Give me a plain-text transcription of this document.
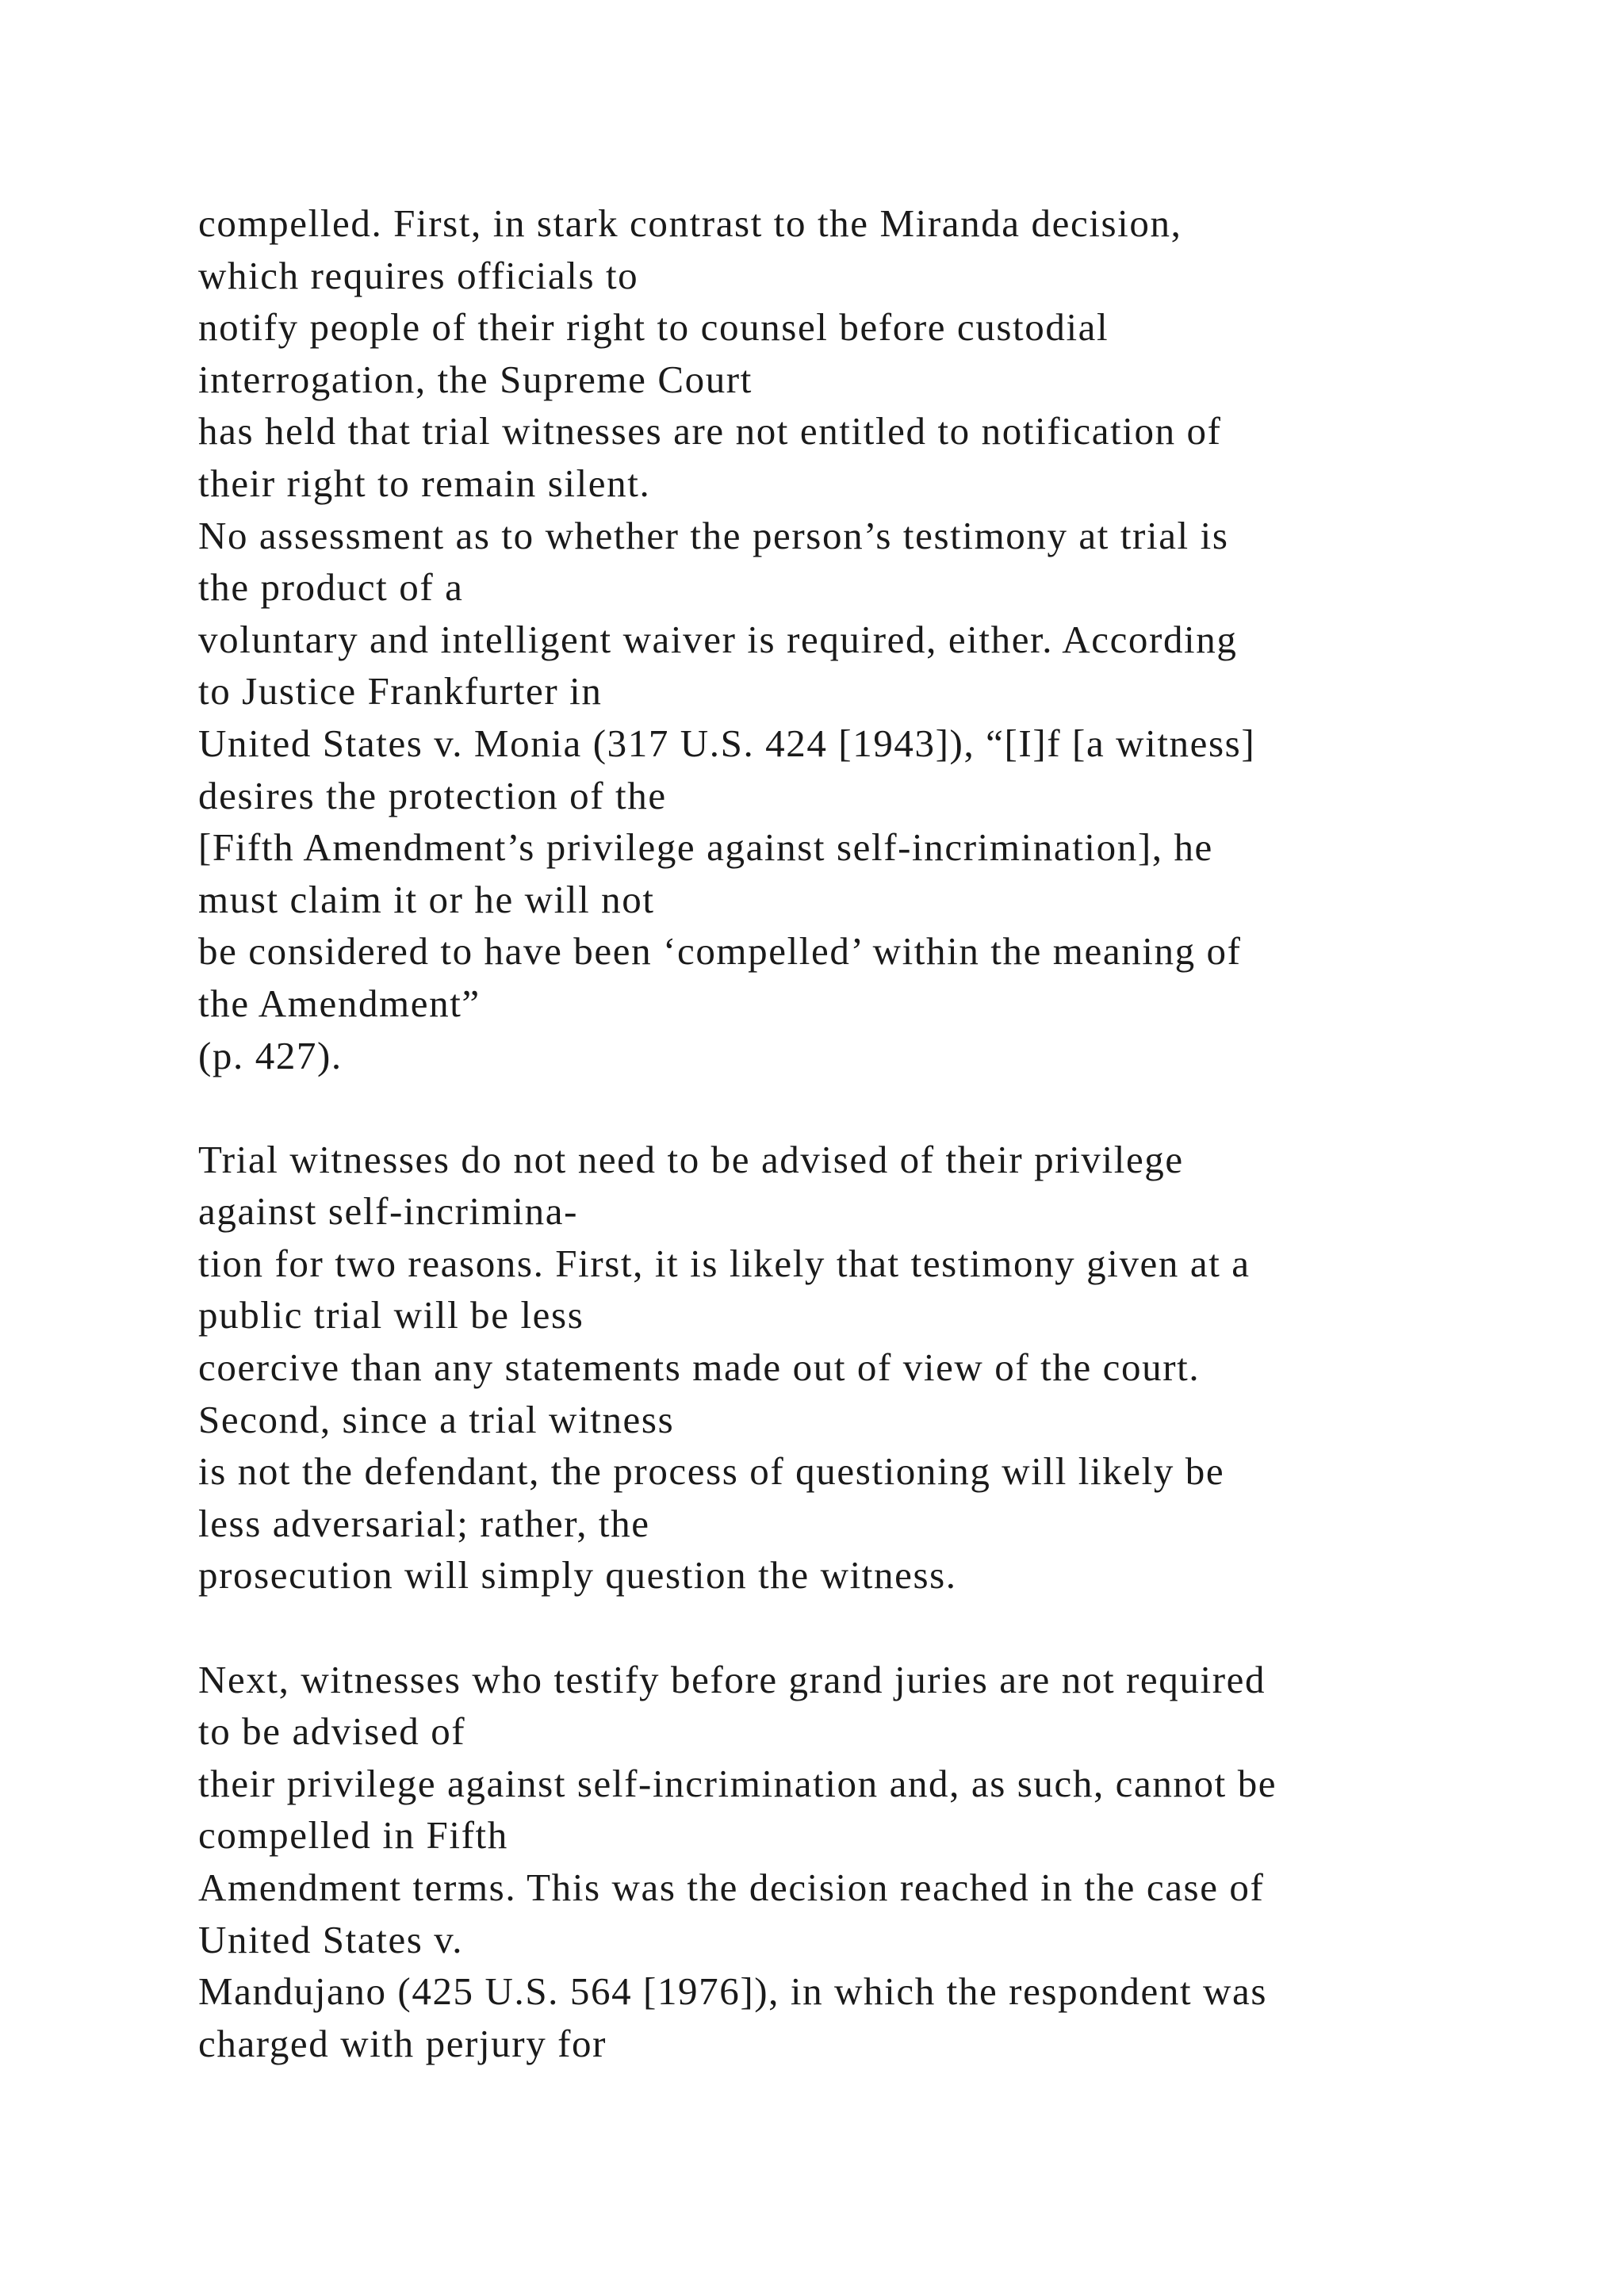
compelled. First, in stark contrast to the Miranda decision,
which requires officials to
notify people of their right to counsel before custodial
interrogation, the Supreme Court
has held that trial witnesses are not entitled to notification of
their right to remain silent.
No assessment as to whether the person’s testimony at trial is
the product of a
voluntary and intelligent waiver is required, either. According
to Justice Frankfurter in
United States v. Monia (317 U.S. 424 [1943]), “[I]f [a witness]
desires the protection of the
[Fifth Amendment’s privilege against self-incrimination], he
must claim it or he will not
be considered to have been ‘compelled’ within the meaning of
the Amendment”
(p. 427).
Trial witnesses do not need to be advised of their privilege
against self-incrimina-
tion for two reasons. First, it is likely that testimony given at a
public trial will be less
coercive than any statements made out of view of the court.
Second, since a trial witness
is not the defendant, the process of questioning will likely be
less adversarial; rather, the
prosecution will simply question the witness.
Next, witnesses who testify before grand juries are not required
to be advised of
their privilege against self-incrimination and, as such, cannot be
compelled in Fifth
Amendment terms. This was the decision reached in the case of
United States v.
Mandujano (425 U.S. 564 [1976]), in which the respondent was
charged with perjury for
